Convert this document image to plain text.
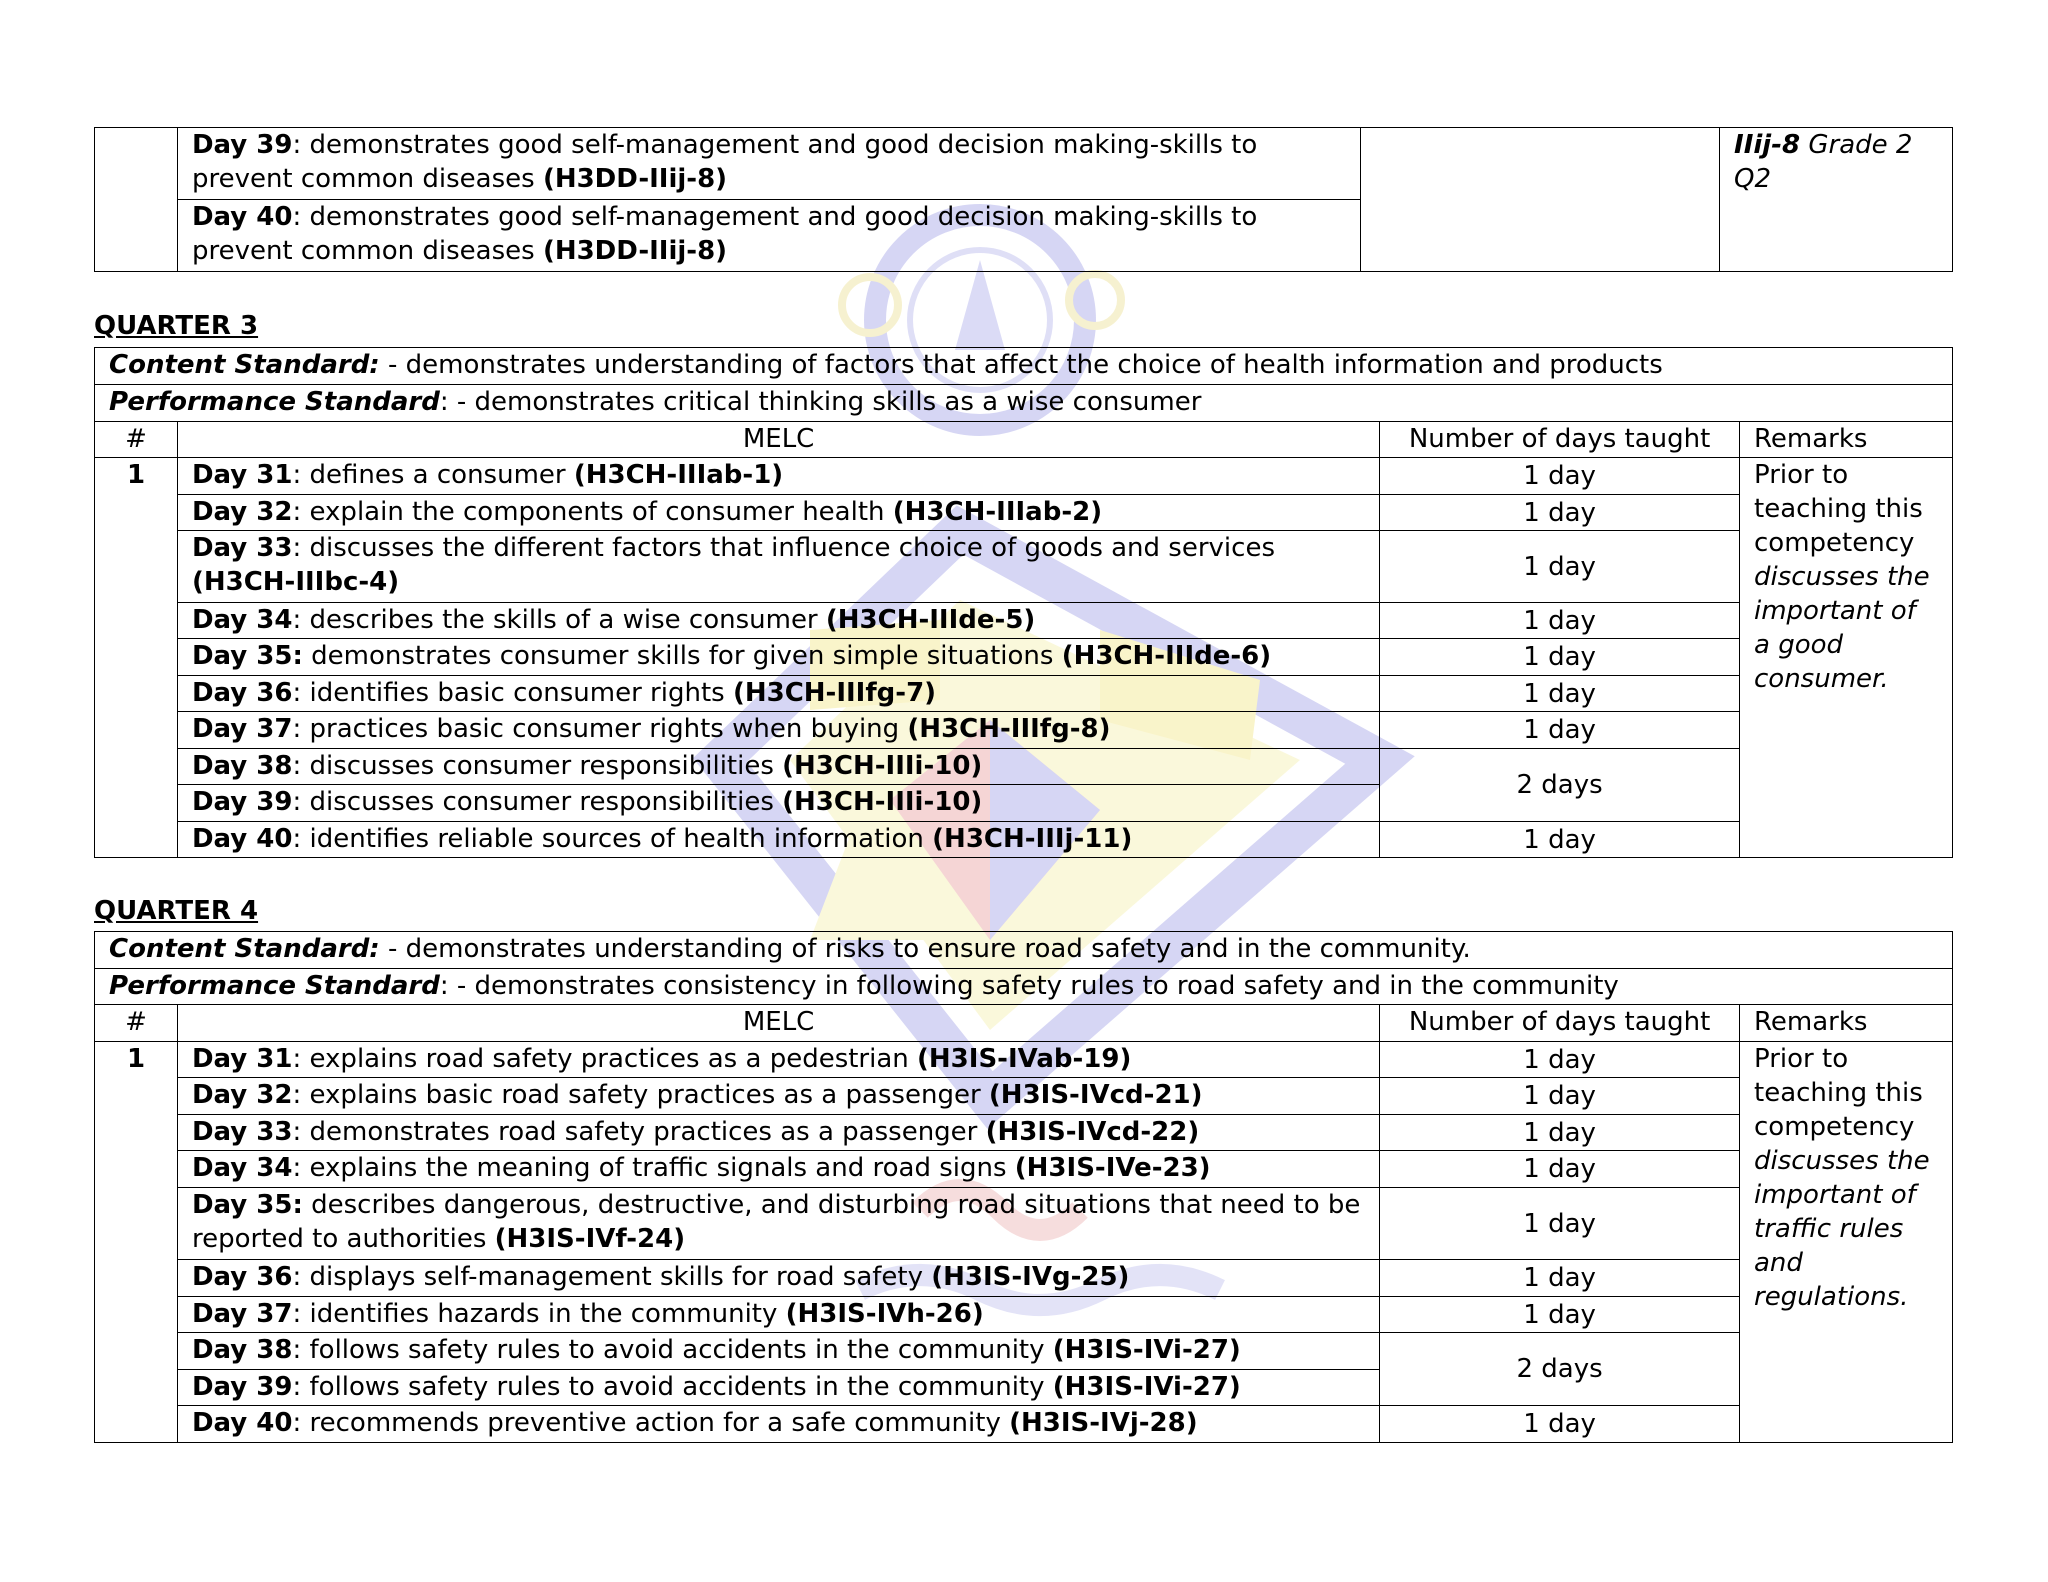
	Day 39: demonstrates good self-management and good decision making-skills to prevent common diseases (H3DD-IIij-8)		IIij-8 Grade 2 Q2
Day 40: demonstrates good self-management and good decision making-skills to prevent common diseases (H3DD-IIij-8)
QUARTER 3
Content Standard: - demonstrates understanding of factors that affect the choice of health information and products			
Performance Standard: - demonstrates critical thinking skills as a wise consumer			
#	MELC	Number of days taught	Remarks
1	Day 31: defines a consumer (H3CH-IIIab-1)	1 day	Prior to teaching this competency discusses the important of a good consumer.
	Day 32: explain the components of consumer health (H3CH-IIIab-2)	1 day	
	Day 33: discusses the different factors that influence choice of goods and services (H3CH-IIIbc-4)	1 day	
	Day 34: describes the skills of a wise consumer (H3CH-IIIde-5)	1 day	
	Day 35: demonstrates consumer skills for given simple situations (H3CH-IIIde-6)	1 day	
	Day 36: identifies basic consumer rights (H3CH-IIIfg-7)	1 day	
	Day 37: practices basic consumer rights when buying (H3CH-IIIfg-8)	1 day	
	Day 38: discusses consumer responsibilities (H3CH-IIIi-10)	2 days	
	Day 39: discusses consumer responsibilities (H3CH-IIIi-10)		
	Day 40: identifies reliable sources of health information (H3CH-IIIj-11)	1 day	
QUARTER 4
Content Standard: - demonstrates understanding of risks to ensure road safety and in the community.			
Performance Standard: - demonstrates consistency in following safety rules to road safety and in the community			
#	MELC	Number of days taught	Remarks
1	Day 31: explains road safety practices as a pedestrian (H3IS-IVab-19)	1 day	Prior to teaching this competency discusses the important of traffic rules and regulations.
	Day 32: explains basic road safety practices as a passenger (H3IS-IVcd-21)	1 day	
	Day 33: demonstrates road safety practices as a passenger (H3IS-IVcd-22)	1 day	
	Day 34: explains the meaning of traffic signals and road signs (H3IS-IVe-23)	1 day	
	Day 35: describes dangerous, destructive, and disturbing road situations that need to be reported to authorities (H3IS-IVf-24)	1 day	
	Day 36: displays self-management skills for road safety (H3IS-IVg-25)	1 day	
	Day 37: identifies hazards in the community (H3IS-IVh-26)	1 day	
	Day 38: follows safety rules to avoid accidents in the community (H3IS-IVi-27)	2 days	
	Day 39: follows safety rules to avoid accidents in the community (H3IS-IVi-27)		
	Day 40: recommends preventive action for a safe community (H3IS-IVj-28)	1 day	
